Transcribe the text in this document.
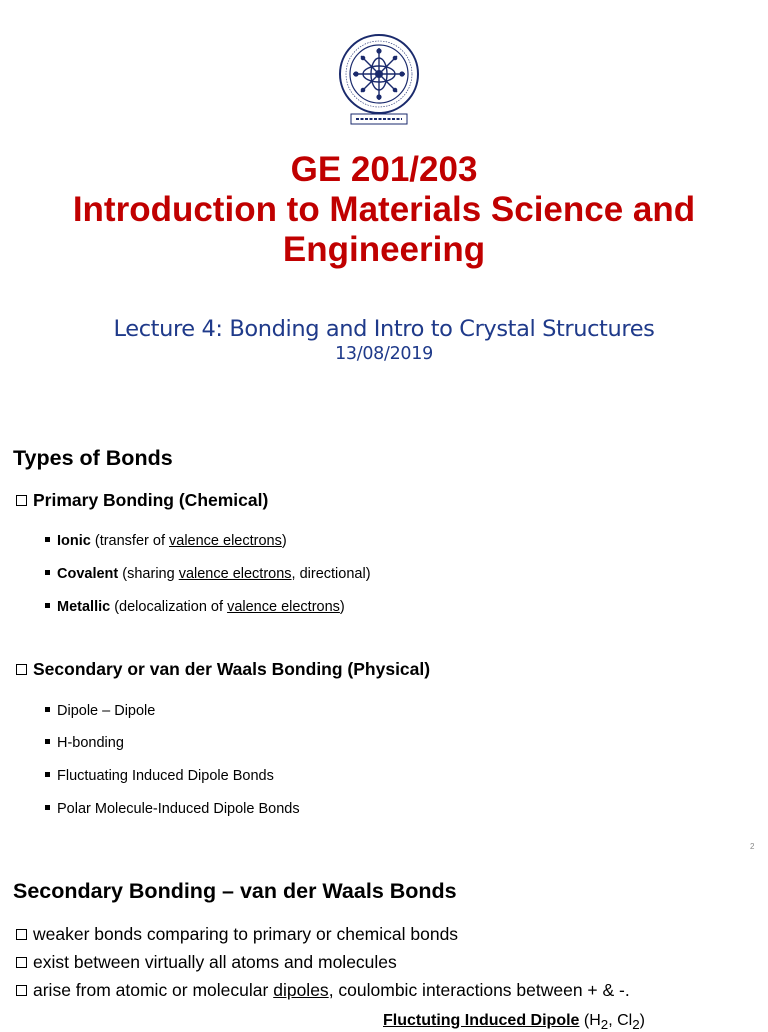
GE 201/203
Introduction to Materials Science and
Engineering
Lecture 4: Bonding and Intro to Crystal Structures
13/08/2019
Types of Bonds
Primary Bonding (Chemical)
Ionic (transfer of valence electrons )
Covalent (sharing valence electrons , directional)
Metallic (delocalization of valence electrons )
Secondary or van der Waals Bonding (Physical)
Dipole – Dipole
H-bonding
Fluctuating Induced Dipole Bonds
Polar Molecule-Induced Dipole Bonds
2
Secondary Bonding – van der Waals Bonds
weaker bonds comparing to primary or chemical bonds
exist between virtually all atoms and molecules
arise from atomic or molecular dipoles , coulombic interactions between + & -.
Fluctuting Induced Dipole ($H_2$, $Cl_2$)
